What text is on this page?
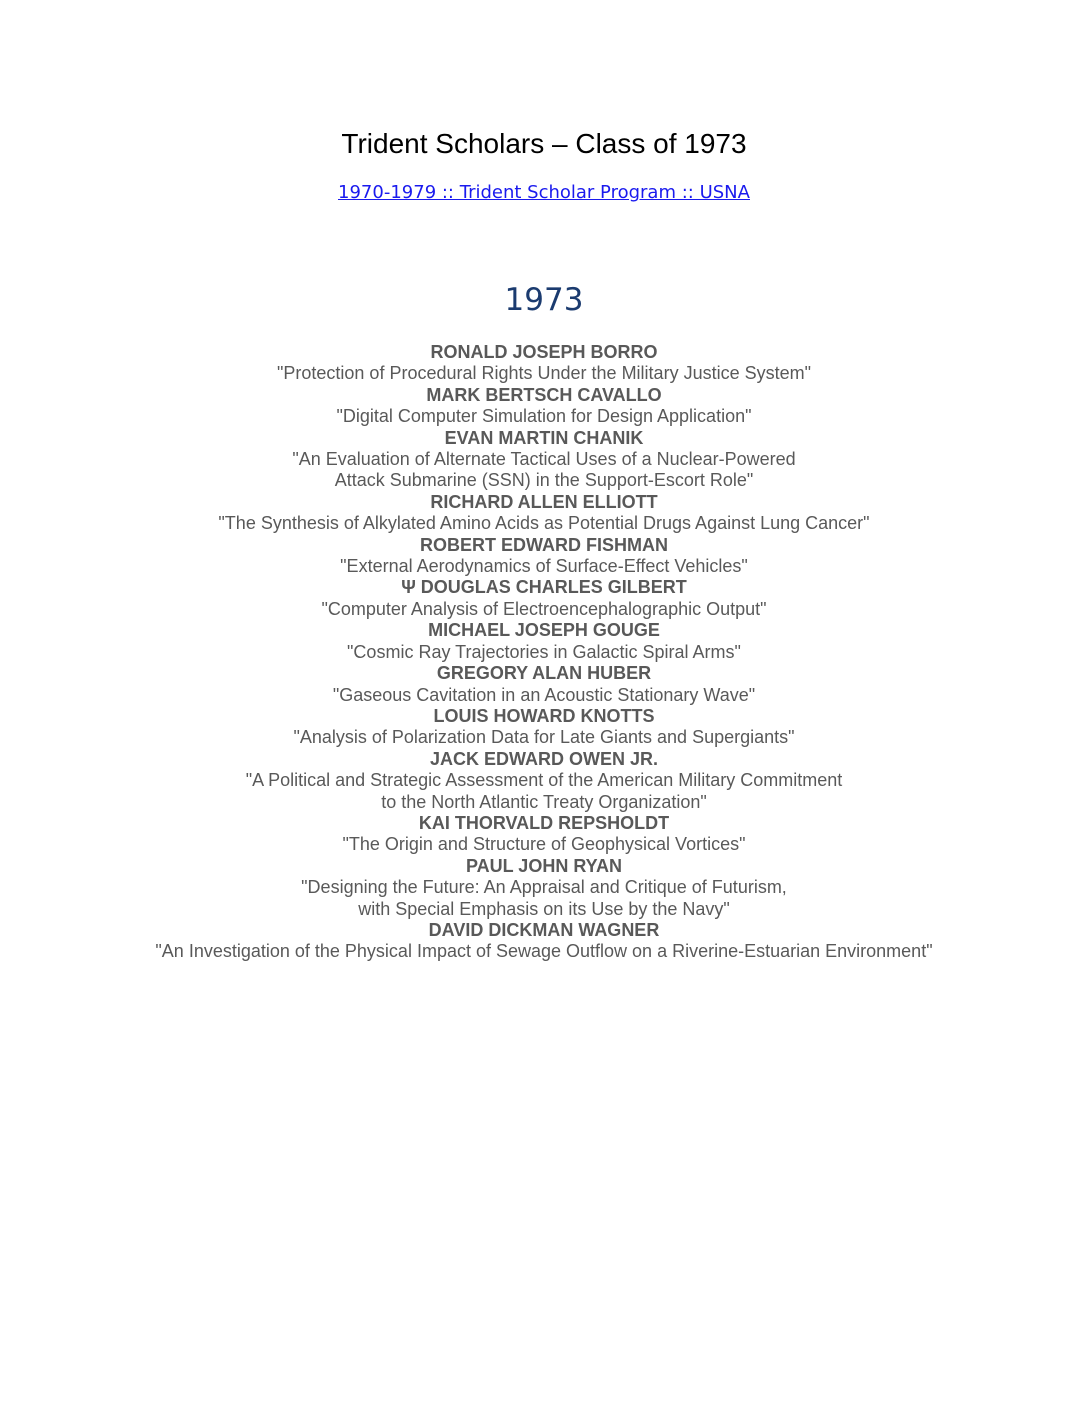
Trident Scholars – Class of 1973
1970-1979 :: Trident Scholar Program :: USNA
1973
RONALD JOSEPH BORRO
"Protection of Procedural Rights Under the Military Justice System"
MARK BERTSCH CAVALLO
"Digital Computer Simulation for Design Application"
EVAN MARTIN CHANIK
"An Evaluation of Alternate Tactical Uses of a Nuclear-Powered
Attack Submarine (SSN) in the Support-Escort Role"
RICHARD ALLEN ELLIOTT
"The Synthesis of Alkylated Amino Acids as Potential Drugs Against Lung Cancer"
ROBERT EDWARD FISHMAN
"External Aerodynamics of Surface-Effect Vehicles"
Ψ DOUGLAS CHARLES GILBERT
"Computer Analysis of Electroencephalographic Output"
MICHAEL JOSEPH GOUGE
"Cosmic Ray Trajectories in Galactic Spiral Arms"
GREGORY ALAN HUBER
"Gaseous Cavitation in an Acoustic Stationary Wave"
LOUIS HOWARD KNOTTS
"Analysis of Polarization Data for Late Giants and Supergiants"
JACK EDWARD OWEN JR.
"A Political and Strategic Assessment of the American Military Commitment
to the North Atlantic Treaty Organization"
KAI THORVALD REPSHOLDT
"The Origin and Structure of Geophysical Vortices"
PAUL JOHN RYAN
"Designing the Future: An Appraisal and Critique of Futurism,
with Special Emphasis on its Use by the Navy"
DAVID DICKMAN WAGNER
"An Investigation of the Physical Impact of Sewage Outflow on a Riverine-Estuarian Environment"
